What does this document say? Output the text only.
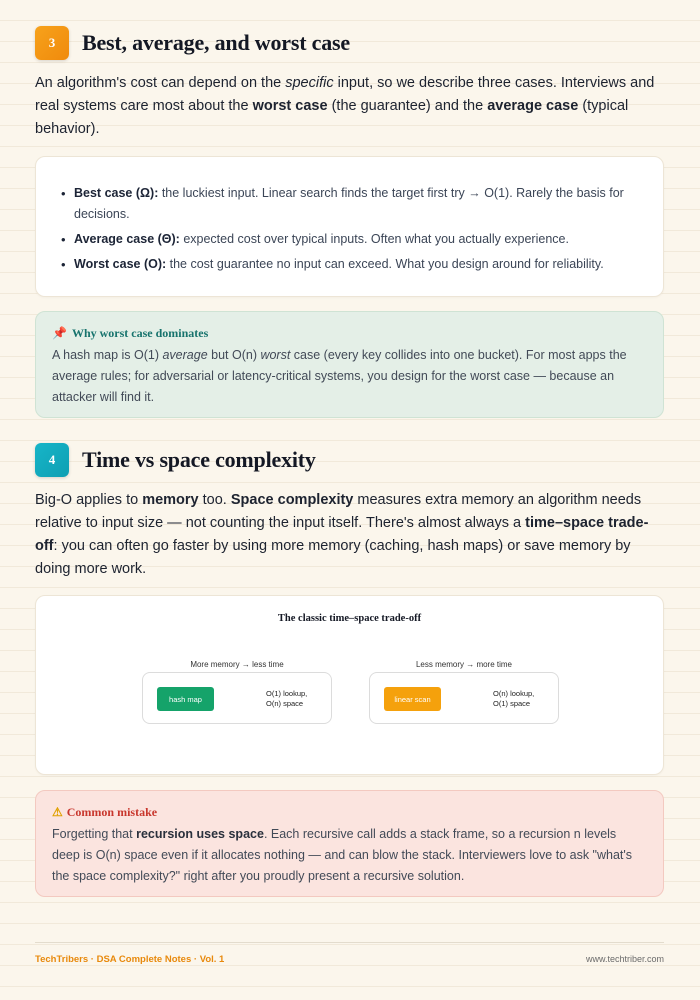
3	Best, average, and worst case

An algorithm's cost can depend on the specific input, so we describe three cases. Interviews and real systems care most about the worst case (the guarantee) and the average case (typical behavior).

• Best case (Ω): the luckiest input. Linear search finds the target first try → O(1). Rarely the basis for decisions.
• Average case (Θ): expected cost over typical inputs. Often what you actually experience.
• Worst case (O): the cost guarantee no input can exceed. What you design around for reliability.
📌 Why worst case dominates

A hash map is O(1) average but O(n) worst case (every key collides into one bucket). For most apps the average rules; for adversarial or latency-critical systems, you design for the worst case — because an attacker will find it.

4	Time vs space complexity

Big-O applies to memory too. Space complexity measures extra memory an algorithm needs relative to input size — not counting the input itself. There's almost always a time–space trade-off: you can often go faster by using more memory (caching, hash maps) or save memory by doing more work.

The classic time–space trade-off
More memory → less time
hash map
O(1) lookup,
O(n) space
Less memory → more time
linear scan
O(n) lookup,
O(1) space
⚠ Common mistake

Forgetting that recursion uses space. Each recursive call adds a stack frame, so a recursion n levels deep is O(n) space even if it allocates nothing — and can blow the stack. Interviewers love to ask "what's the space complexity?" right after you proudly present a recursive solution.

TechTribers · DSA Complete Notes · Vol. 1	www.techtriber.com
